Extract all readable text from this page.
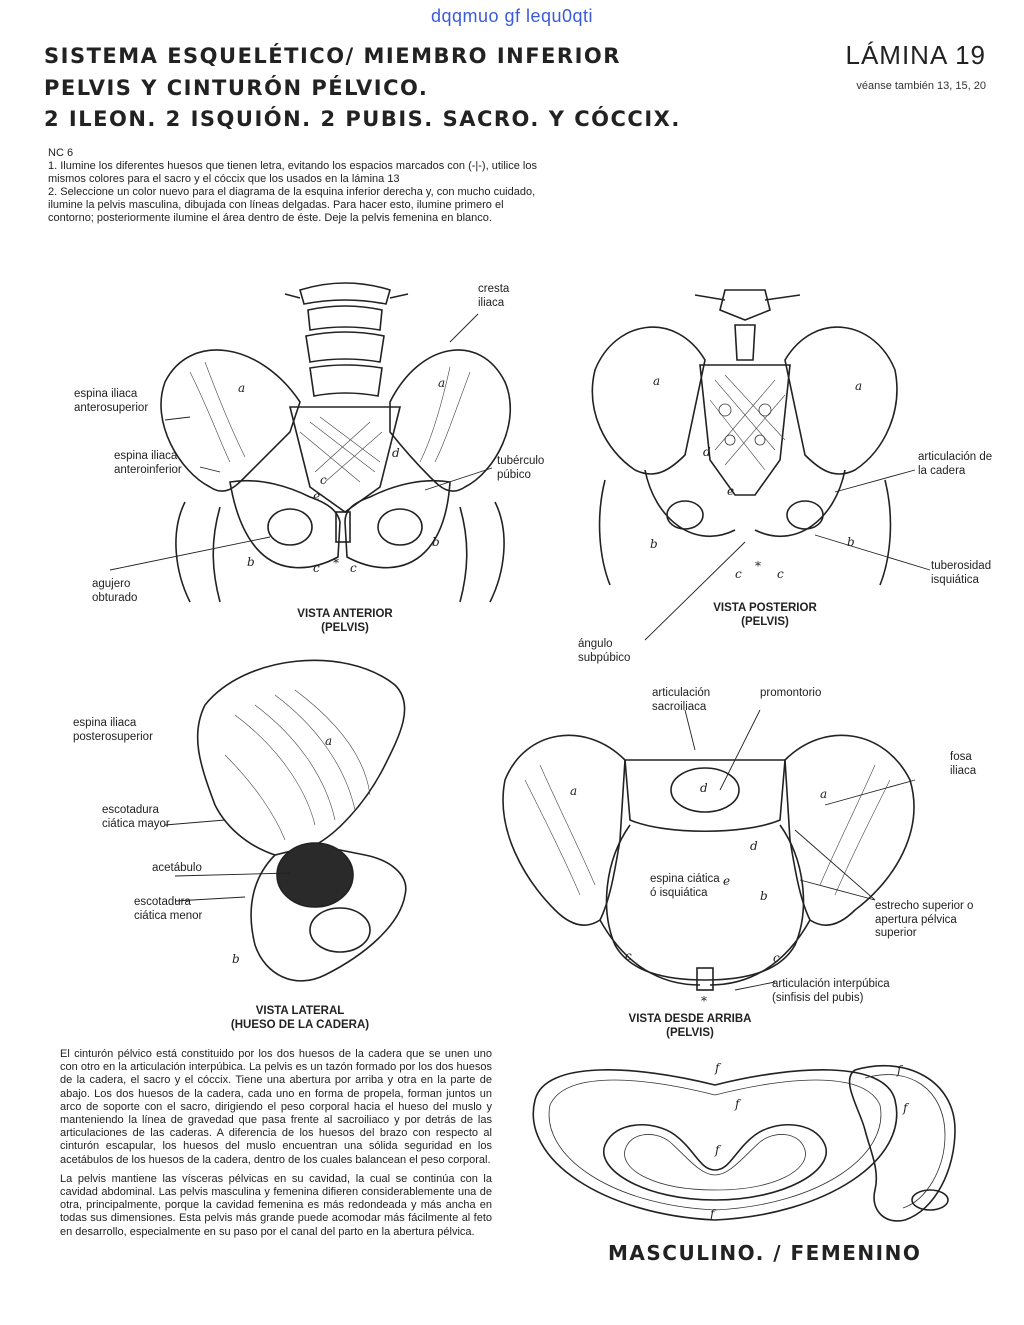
dqqmuo gf lequ0qti
SISTEMA ESQUELÉTICO/ MIEMBRO INFERIOR
PELVIS Y CINTURÓN PÉLVICO.
2 ILEON. 2 ISQUIÓN. 2 PUBIS. SACRO. Y CÓCCIX.
LÁMINA 19
véanse también 13, 15, 20

NC 6

1. Ilumine los diferentes huesos que tienen letra, evitando los espacios marcados con (-|-), utilice los mismos colores para el sacro y el cóccix que los usados en la lámina 13

2. Seleccione un color nuevo para el diagrama de la esquina inferior derecha y, con mucho cuidado, ilumine la pelvis masculina, dibujada con líneas delgadas. Para hacer esto, ilumine primero el contorno; posteriormente ilumine el área dentro de éste. Deje la pelvis femenina en blanco.

a	a
d
c
e
b
b
c	c
*
a	a
d
e
b	b
c	c
*
a
b
a	a
d
d
e
b
c	c
*
cresta iliaca
espina iliaca anterosuperior
espina iliaca anteroinferior
tubérculo púbico
agujero obturado
VISTA ANTERIOR
(PELVIS)
articulación de la cadera
tuberosidad isquiática
ángulo subpúbico
VISTA POSTERIOR
(PELVIS)
espina iliaca posterosuperior
escotadura ciática mayor
acetábulo
escotadura ciática menor
VISTA LATERAL
(HUESO DE LA CADERA)
articulación sacroiliaca
promontorio
fosa iliaca
espina ciática ó isquiática
estrecho superior o apertura pélvica superior
articulación interpúbica
(sinfisis del pubis)
VISTA DESDE ARRIBA
(PELVIS)

El cinturón pélvico está constituido por los dos huesos de la cadera que se unen uno con otro en la articulación interpúbica. La pelvis es un tazón formado por los dos huesos de la cadera, el sacro y el cóccix. Tiene una abertura por arriba y otra en la parte de abajo. Los dos huesos de la cadera, cada uno en forma de propela, forman juntos un arco de soporte con el sacro, dirigiendo el peso corporal hacia el hueso del muslo y manteniendo la línea de gravedad que pasa frente al sacroiliaco y por detrás de las articulaciones de las caderas. A diferencia de los huesos del brazo con respecto al cinturón escapular, los huesos del muslo encuentran una sólida seguridad en los acetábulos de los huesos de la cadera, dentro de los cuales balancean el peso corporal.

La pelvis mantiene las vísceras pélvicas en su cavidad, la cual se continúa con la cavidad abdominal. Las pelvis masculina y femenina difieren considerablemente una de otra, principalmente, porque la cavidad femenina es más redondeada y más ancha en todas sus dimensiones. Esta pelvis más grande puede acomodar más fácilmente al feto en desarrollo, especialmente en su paso por el canal del parto en la abertura pélvica.

f
f
f
f
f
f
MASCULINO. / FEMENINO
